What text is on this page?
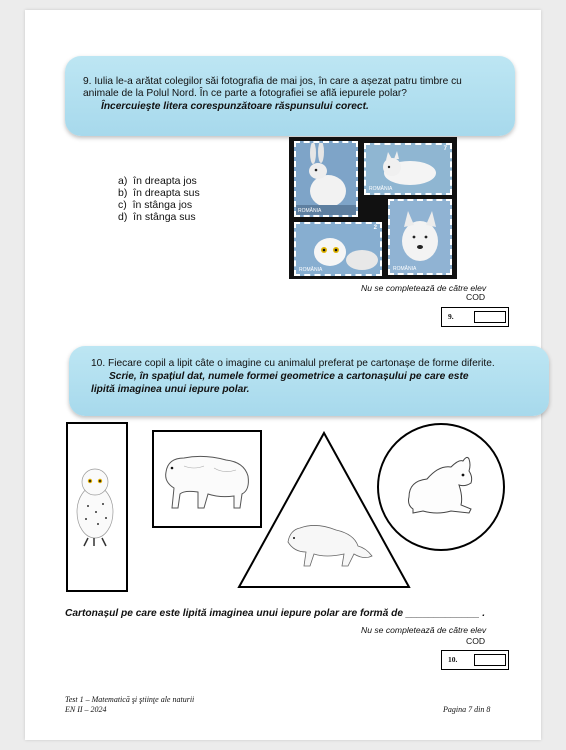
9. Iulia le-a arătat colegilor săi fotografia de mai jos, în care a așezat patru timbre cu
animale de la Polul Nord. În ce parte a fotografiei se află iepurele polar?
Încercuieşte litera corespunzătoare răspunsului corect.
a)  în dreapta jos
b)  în dreapta sus
c)  în stânga jos
d)  în stânga sus	ROMÂNIA
7
ROMÂNIA
2
ROMÂNIA	ROMÂNIA
Nu se completează de către elev
COD
9.
10. Fiecare copil a lipit câte o imagine cu animalul preferat pe cartonașe de forme diferite.
Scrie, în spațiul dat, numele formei geometrice a cartonașului pe care este
lipită imaginea unui iepure polar.
Cartonașul pe care este lipită imaginea unui iepure polar are formă de _____________ .
Nu se completează de către elev
COD
10.
Test 1 – Matematică şi ştiinţe ale naturii
EN II – 2024	Pagina 7 din 8
